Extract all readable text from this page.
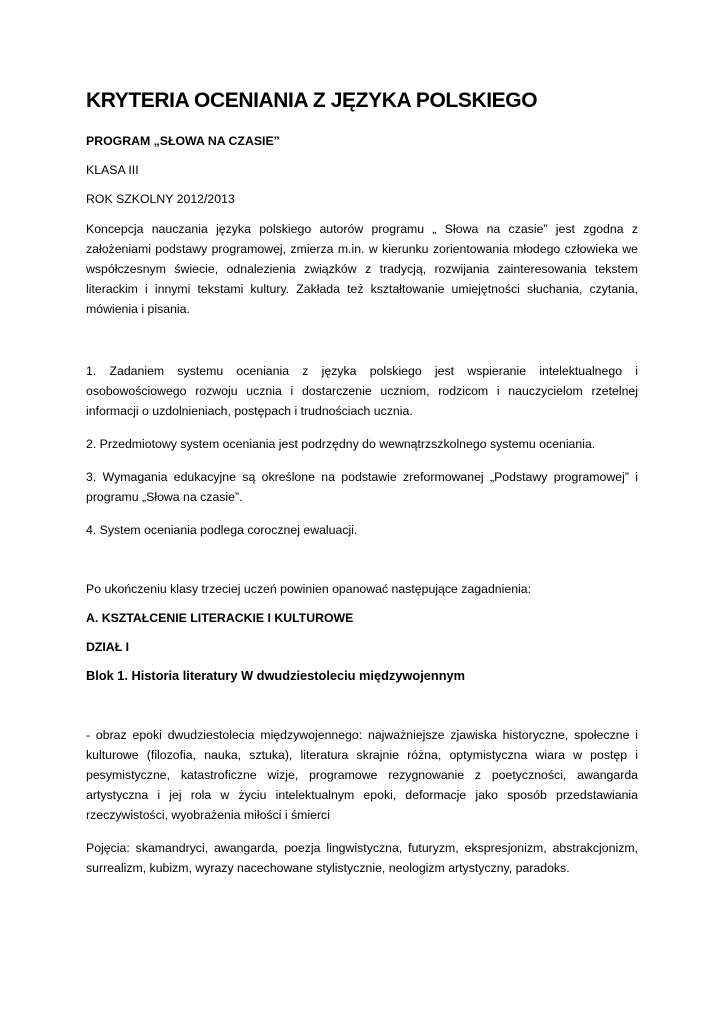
KRYTERIA OCENIANIA Z JĘZYKA POLSKIEGO

PROGRAM „SŁOWA NA CZASIE”

KLASA III

ROK SZKOLNY 2012/2013

Koncepcja nauczania języka polskiego autorów programu „ Słowa na czasie” jest zgodna z założeniami podstawy programowej, zmierza m.in. w kierunku zorientowania młodego człowieka we współczesnym świecie, odnalezienia związków z tradycją, rozwijania zainteresowania tekstem literackim i innymi tekstami kultury. Zakłada też kształtowanie umiejętności słuchania, czytania, mówienia i pisania.

1. Zadaniem systemu oceniania z języka polskiego jest wspieranie intelektualnego i osobowościowego rozwoju ucznia i dostarczenie uczniom, rodzicom i nauczycielom rzetelnej informacji o uzdolnieniach, postępach i trudnościach ucznia.

2. Przedmiotowy system oceniania jest podrzędny do wewnątrzszkolnego systemu oceniania.

3. Wymagania edukacyjne są określone na podstawie zreformowanej „Podstawy programowej” i programu „Słowa na czasie”.

4. System oceniania podlega corocznej ewaluacji.

Po ukończeniu klasy trzeciej uczeń powinien opanować następujące zagadnienia:

A. KSZTAŁCENIE LITERACKIE I KULTUROWE

DZIAŁ I

Blok 1. Historia literatury W dwudziestoleciu międzywojennym

- obraz epoki dwudziestolecia międzywojennego: najważniejsze zjawiska historyczne, społeczne i kulturowe (filozofia, nauka, sztuka), literatura skrajnie różna, optymistyczna wiara w postęp i pesymistyczne, katastroficzne wizje, programowe rezygnowanie z poetyczności, awangarda artystyczna i jej rola w życiu intelektualnym epoki, deformacje jako sposób przedstawiania rzeczywistości, wyobrażenia miłości i śmierci

Pojęcia: skamandryci, awangarda, poezja lingwistyczna, futuryzm, ekspresjonizm, abstrakcjonizm, surrealizm, kubizm, wyrazy nacechowane stylistycznie, neologizm artystyczny, paradoks.
